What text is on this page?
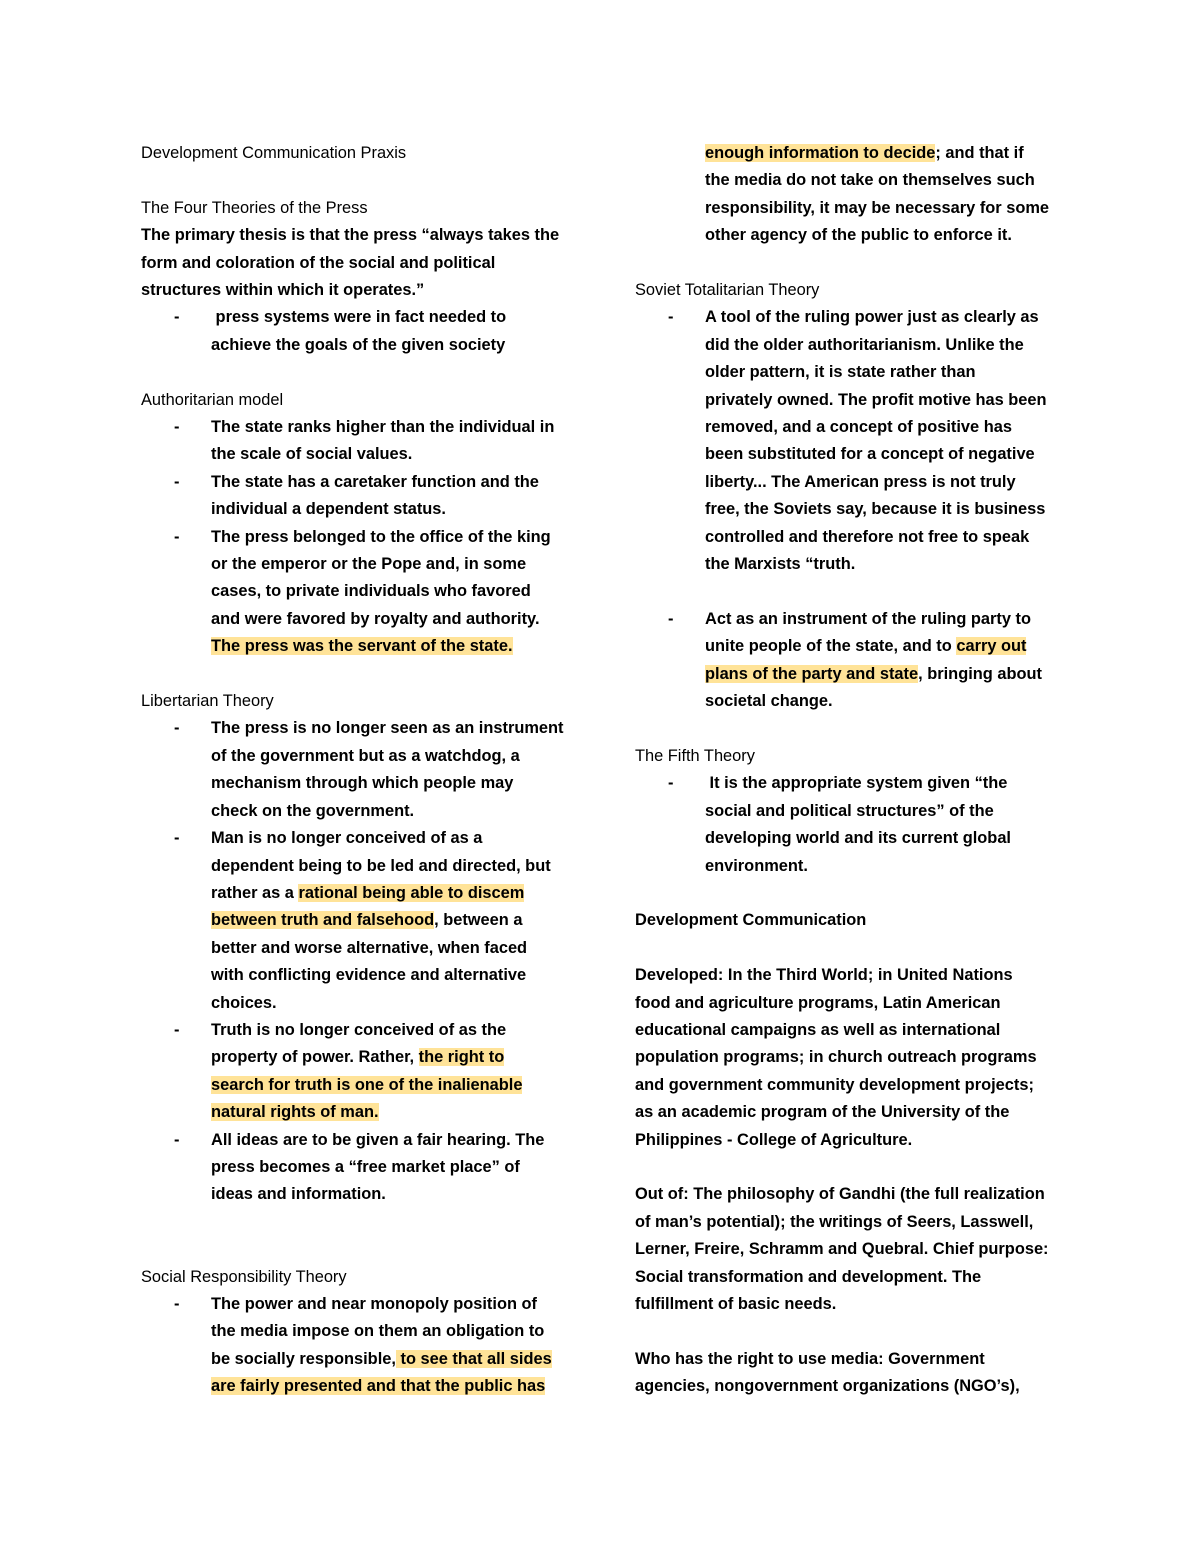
Development Communication Praxis
The Four Theories of the Press
The primary thesis is that the press “always takes the
form and coloration of the social and political
structures within which it operates.”
-	press systems were in fact needed to
achieve the goals of the given society
Authoritarian model
-	The state ranks higher than the individual in
the scale of social values.
-	The state has a caretaker function and the
individual a dependent status.
-	The press belonged to the office of the king
or the emperor or the Pope and, in some
cases, to private individuals who favored
and were favored by royalty and authority.
The press was the servant of the state.
Libertarian Theory
-	The press is no longer seen as an instrument
of the government but as a watchdog, a
mechanism through which people may
check on the government.
-	Man is no longer conceived of as a
dependent being to be led and directed, but
rather as a rational being able to discem
between truth and falsehood, between a
better and worse alternative, when faced
with conflicting evidence and alternative
choices.
-	Truth is no longer conceived of as the
property of power. Rather, the right to
search for truth is one of the inalienable
natural rights of man.
-	All ideas are to be given a fair hearing. The
press becomes a “free market place” of
ideas and information.
Social Responsibility Theory
-	The power and near monopoly position of
the media impose on them an obligation to
be socially responsible, to see that all sides
are fairly presented and that the public has
enough information to decide; and that if
the media do not take on themselves such
responsibility, it may be necessary for some
other agency of the public to enforce it.
Soviet Totalitarian Theory
-	A tool of the ruling power just as clearly as
did the older authoritarianism. Unlike the
older pattern, it is state rather than
privately owned. The profit motive has been
removed, and a concept of positive has
been substituted for a concept of negative
liberty... The American press is not truly
free, the Soviets say, because it is business
controlled and therefore not free to speak
the Marxists “truth.
-	Act as an instrument of the ruling party to
unite people of the state, and to carry out
plans of the party and state, bringing about
societal change.
The Fifth Theory
-	It is the appropriate system given “the
social and political structures” of the
developing world and its current global
environment.
Development Communication
Developed: In the Third World; in United Nations
food and agriculture programs, Latin American
educational campaigns as well as international
population programs; in church outreach programs
and government community development projects;
as an academic program of the University of the
Philippines - College of Agriculture.
Out of: The philosophy of Gandhi (the full realization
of man’s potential); the writings of Seers, Lasswell,
Lerner, Freire, Schramm and Quebral. Chief purpose:
Social transformation and development. The
fulfillment of basic needs.
Who has the right to use media: Government
agencies, nongovernment organizations (NGO’s),
